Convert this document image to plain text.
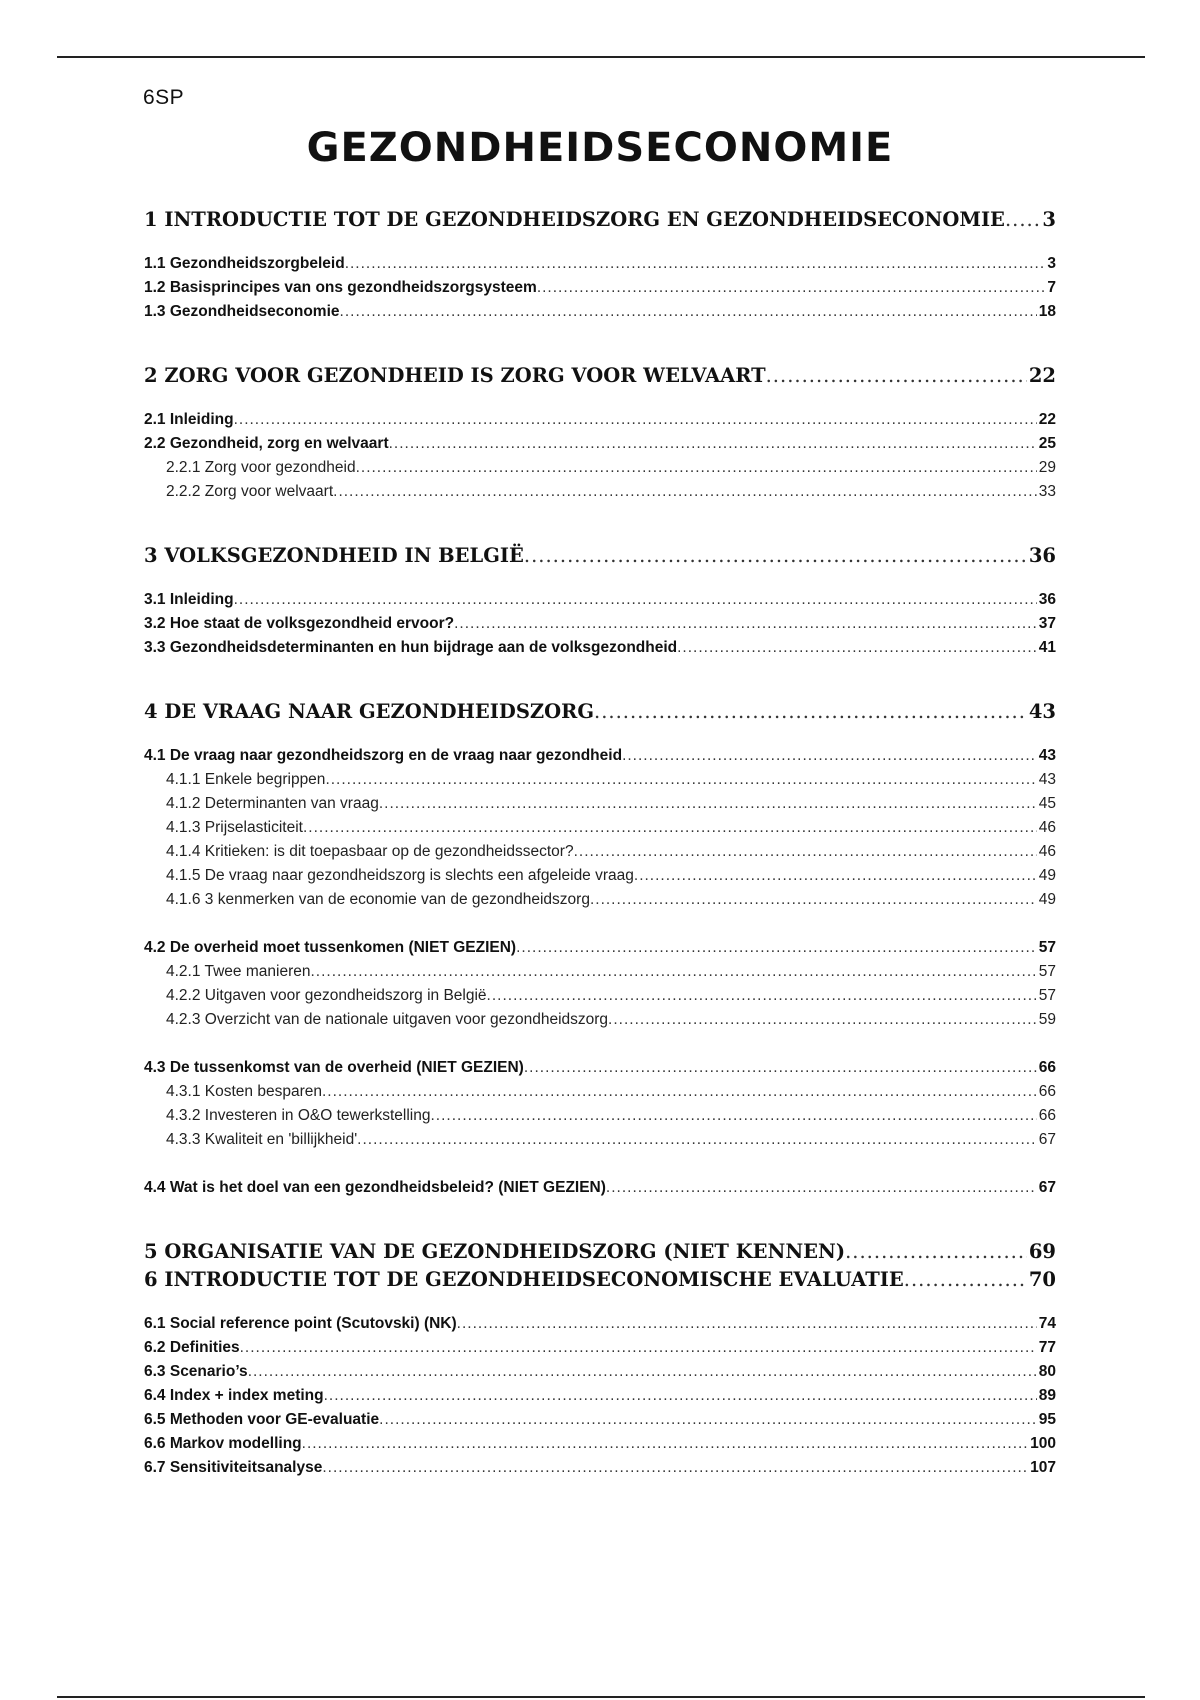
6SP
GEZONDHEIDSECONOMIE
1 INTRODUCTIE TOT DE GEZONDHEIDSZORG EN GEZONDHEIDSECONOMIE ..... 3
1.1 Gezondheidszorgbeleid .....	3
1.2 Basisprincipes van ons gezondheidszorgsysteem .....	7
1.3 Gezondheidseconomie .....	18
2 ZORG VOOR GEZONDHEID IS ZORG VOOR WELVAART .....	22
2.1 Inleiding .....	22
2.2 Gezondheid, zorg en welvaart .....	25
2.2.1 Zorg voor gezondheid .....	29
2.2.2 Zorg voor welvaart .....	33
3 VOLKSGEZONDHEID IN BELGIË .....	36
3.1 Inleiding .....	36
3.2 Hoe staat de volksgezondheid ervoor? .....	37
3.3 Gezondheidsdeterminanten en hun bijdrage aan de volksgezondheid .....	41
4 DE VRAAG NAAR GEZONDHEIDSZORG .....	43
4.1 De vraag naar gezondheidszorg en de vraag naar gezondheid .....	43
4.1.1 Enkele begrippen .....	43
4.1.2 Determinanten van vraag .....	45
4.1.3 Prijselasticiteit .....	46
4.1.4 Kritieken: is dit toepasbaar op de gezondheidssector? .....	46
4.1.5 De vraag naar gezondheidszorg is slechts een afgeleide vraag .....	49
4.1.6 3 kenmerken van de economie van de gezondheidszorg .....	49
4.2 De overheid moet tussenkomen (NIET GEZIEN) .....	57
4.2.1 Twee manieren .....	57
4.2.2 Uitgaven voor gezondheidszorg in België .....	57
4.2.3 Overzicht van de nationale uitgaven voor gezondheidszorg .....	59
4.3 De tussenkomst van de overheid (NIET GEZIEN) .....	66
4.3.1 Kosten besparen .....	66
4.3.2 Investeren in O&O tewerkstelling .....	66
4.3.3 Kwaliteit en 'billijkheid' .....	67
4.4 Wat is het doel van een gezondheidsbeleid? (NIET GEZIEN) .....	67
5 ORGANISATIE VAN DE GEZONDHEIDSZORG (NIET KENNEN) .....	69
6 INTRODUCTIE TOT DE GEZONDHEIDSECONOMISCHE EVALUATIE .....	70
6.1 Social reference point (Scutovski) (NK) .....	74
6.2 Definities .....	77
6.3 Scenario’s .....	80
6.4 Index + index meting .....	89
6.5 Methoden voor GE-evaluatie .....	95
6.6 Markov modelling .....	100
6.7 Sensitiviteitsanalyse .....	107
